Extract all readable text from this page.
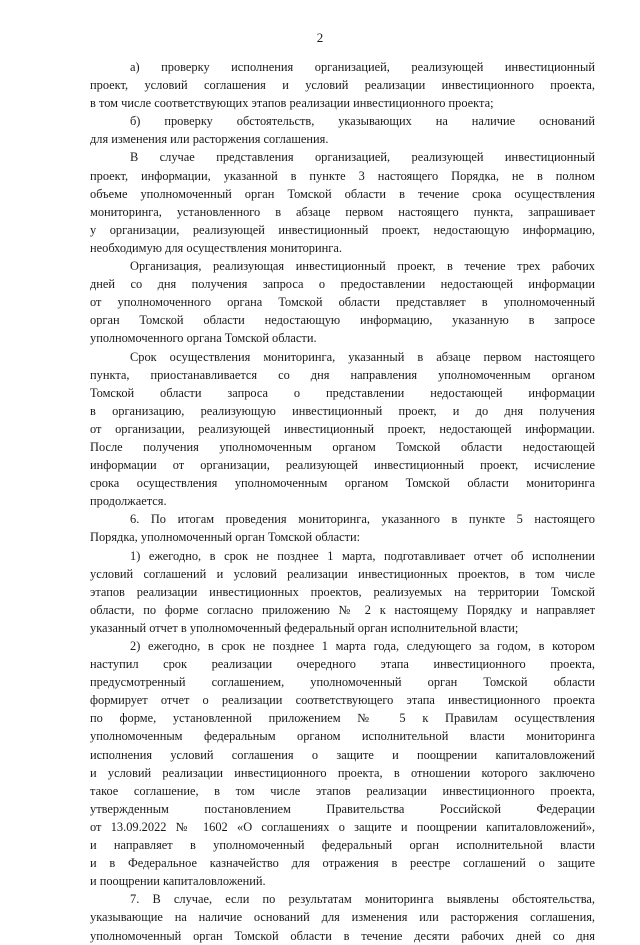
2

а) проверку исполнения организацией, реализующей инвестиционный
проект, условий соглашения и условий реализации инвестиционного проекта,
в том числе соответствующих этапов реализации инвестиционного проекта;

б) проверку обстоятельств, указывающих на наличие оснований
для изменения или расторжения соглашения.

В случае представления организацией, реализующей инвестиционный
проект, информации, указанной в пункте 3 настоящего Порядка, не в полном
объеме уполномоченный орган Томской области в течение срока осуществления
мониторинга, установленного в абзаце первом настоящего пункта, запрашивает
у организации, реализующей инвестиционный проект, недостающую информацию,
необходимую для осуществления мониторинга.

Организация, реализующая инвестиционный проект, в течение трех рабочих
дней со дня получения запроса о предоставлении недостающей информации
от уполномоченного органа Томской области представляет в уполномоченный
орган Томской области недостающую информацию, указанную в запросе
уполномоченного органа Томской области.

Срок осуществления мониторинга, указанный в абзаце первом настоящего
пункта, приостанавливается со дня направления уполномоченным органом
Томской области запроса о представлении недостающей информации
в организацию, реализующую инвестиционный проект, и до дня получения
от организации, реализующей инвестиционный проект, недостающей информации.
После получения уполномоченным органом Томской области недостающей
информации от организации, реализующей инвестиционный проект, исчисление
срока осуществления уполномоченным органом Томской области мониторинга
продолжается.

6. По итогам проведения мониторинга, указанного в пункте 5 настоящего
Порядка, уполномоченный орган Томской области:

1) ежегодно, в срок не позднее 1 марта, подготавливает отчет об исполнении
условий соглашений и условий реализации инвестиционных проектов, в том числе
этапов реализации инвестиционных проектов, реализуемых на территории Томской
области, по форме согласно приложению № 2 к настоящему Порядку и направляет
указанный отчет в уполномоченный федеральный орган исполнительной власти;

2) ежегодно, в срок не позднее 1 марта года, следующего за годом, в котором
наступил срок реализации очередного этапа инвестиционного проекта,
предусмотренный соглашением, уполномоченный орган Томской области
формирует отчет о реализации соответствующего этапа инвестиционного проекта
по форме, установленной приложением № 5 к Правилам осуществления
уполномоченным федеральным органом исполнительной власти мониторинга
исполнения условий соглашения о защите и поощрении капиталовложений
и условий реализации инвестиционного проекта, в отношении которого заключено
такое соглашение, в том числе этапов реализации инвестиционного проекта,
утвержденным постановлением Правительства Российской Федерации
от 13.09.2022 № 1602 «О соглашениях о защите и поощрении капиталовложений»,
и направляет в уполномоченный федеральный орган исполнительной власти
и в Федеральное казначейство для отражения в реестре соглашений о защите
и поощрении капиталовложений.

7. В случае, если по результатам мониторинга выявлены обстоятельства,
указывающие на наличие оснований для изменения или расторжения соглашения,
уполномоченный орган Томской области в течение десяти рабочих дней со дня
